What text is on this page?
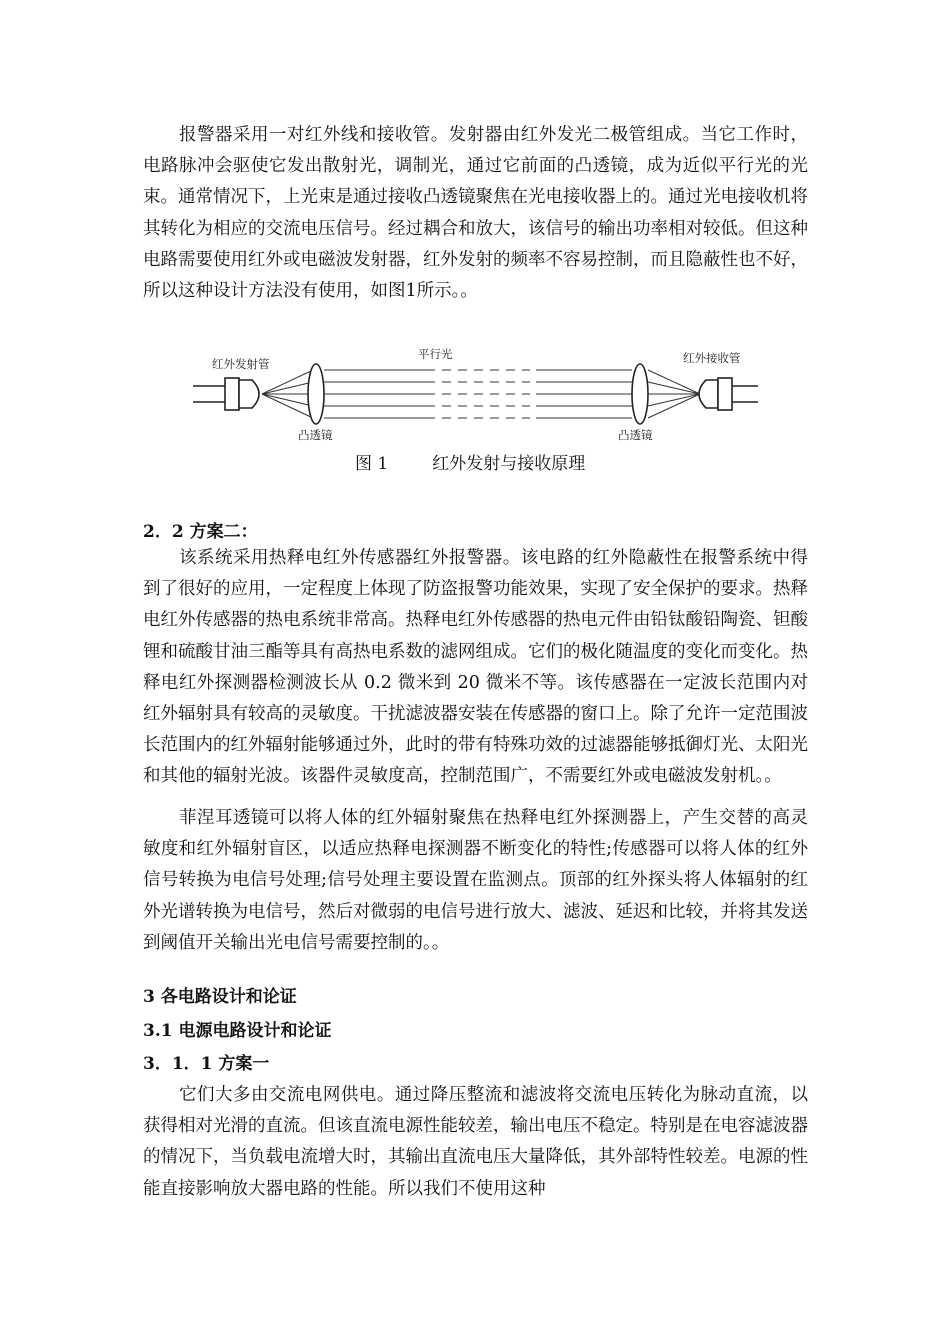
报警器采用一对红外线和接收管。发射器由红外发光二极管组成。当它工作时，电路脉冲会驱使它发出散射光，调制光，通过它前面的凸透镜，成为近似平行光的光束。通常情况下，上光束是通过接收凸透镜聚焦在光电接收器上的。通过光电接收机将其转化为相应的交流电压信号。经过耦合和放大，该信号的输出功率相对较低。但这种电路需要使用红外或电磁波发射器，红外发射的频率不容易控制，而且隐蔽性也不好，所以这种设计方法没有使用，如图1所示。。

红外发射管
平行光	红外接收管
凸透镜	凸透镜
图 1	红外发射与接收原理
2．2 方案二：

该系统采用热释电红外传感器红外报警器。该电路的红外隐蔽性在报警系统中得到了很好的应用，一定程度上体现了防盗报警功能效果，实现了安全保护的要求。热释电红外传感器的热电系统非常高。热释电红外传感器的热电元件由铅钛酸铅陶瓷、钽酸锂和硫酸甘油三酯等具有高热电系数的滤网组成。它们的极化随温度的变化而变化。热释电红外探测器检测波长从 0.2 微米到 20 微米不等。该传感器在一定波长范围内对红外辐射具有较高的灵敏度。干扰滤波器安装在传感器的窗口上。除了允许一定范围波长范围内的红外辐射能够通过外，此时的带有特殊功效的过滤器能够抵御灯光、太阳光和其他的辐射光波。该器件灵敏度高，控制范围广，不需要红外或电磁波发射机。。

菲涅耳透镜可以将人体的红外辐射聚焦在热释电红外探测器上，产生交替的高灵敏度和红外辐射盲区，以适应热释电探测器不断变化的特性;传感器可以将人体的红外信号转换为电信号处理;信号处理主要设置在监测点。顶部的红外探头将人体辐射的红外光谱转换为电信号，然后对微弱的电信号进行放大、滤波、延迟和比较，并将其发送到阈值开关输出光电信号需要控制的。。

3 各电路设计和论证
3.1 电源电路设计和论证
3．1．1 方案一

它们大多由交流电网供电。通过降压整流和滤波将交流电压转化为脉动直流，以获得相对光滑的直流。但该直流电源性能较差，输出电压不稳定。特别是在电容滤波器的情况下，当负载电流增大时，其输出直流电压大量降低，其外部特性较差。电源的性能直接影响放大器电路的性能。所以我们不使用这种
